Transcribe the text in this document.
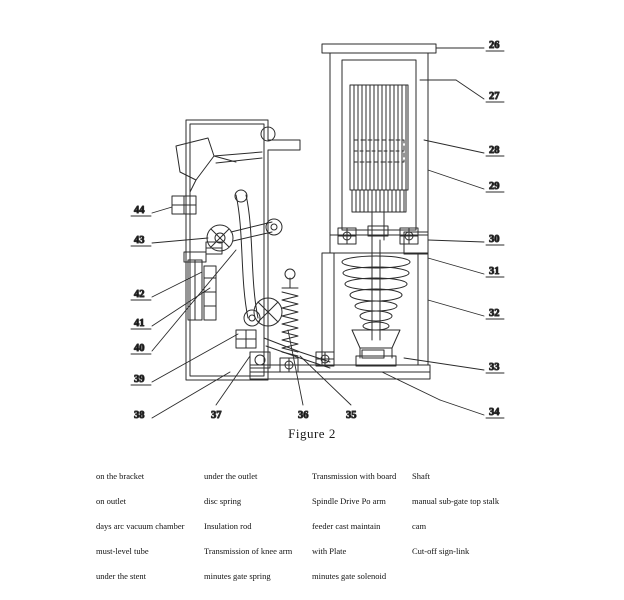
26
27
28
29
30
31
32
33
34
44
43
42
41
40
39
38	37	36	35
Figure 2
on the bracket	under the outlet	Transmission with board	Shaft
on outlet	disc spring	Spindle Drive Po arm	manual sub-gate top stalk
days arc vacuum chamber	Insulation rod	feeder cast maintain	cam
must-level tube	Transmission of knee arm	with Plate	Cut-off sign-link
under the stent	minutes gate spring	minutes gate solenoid
